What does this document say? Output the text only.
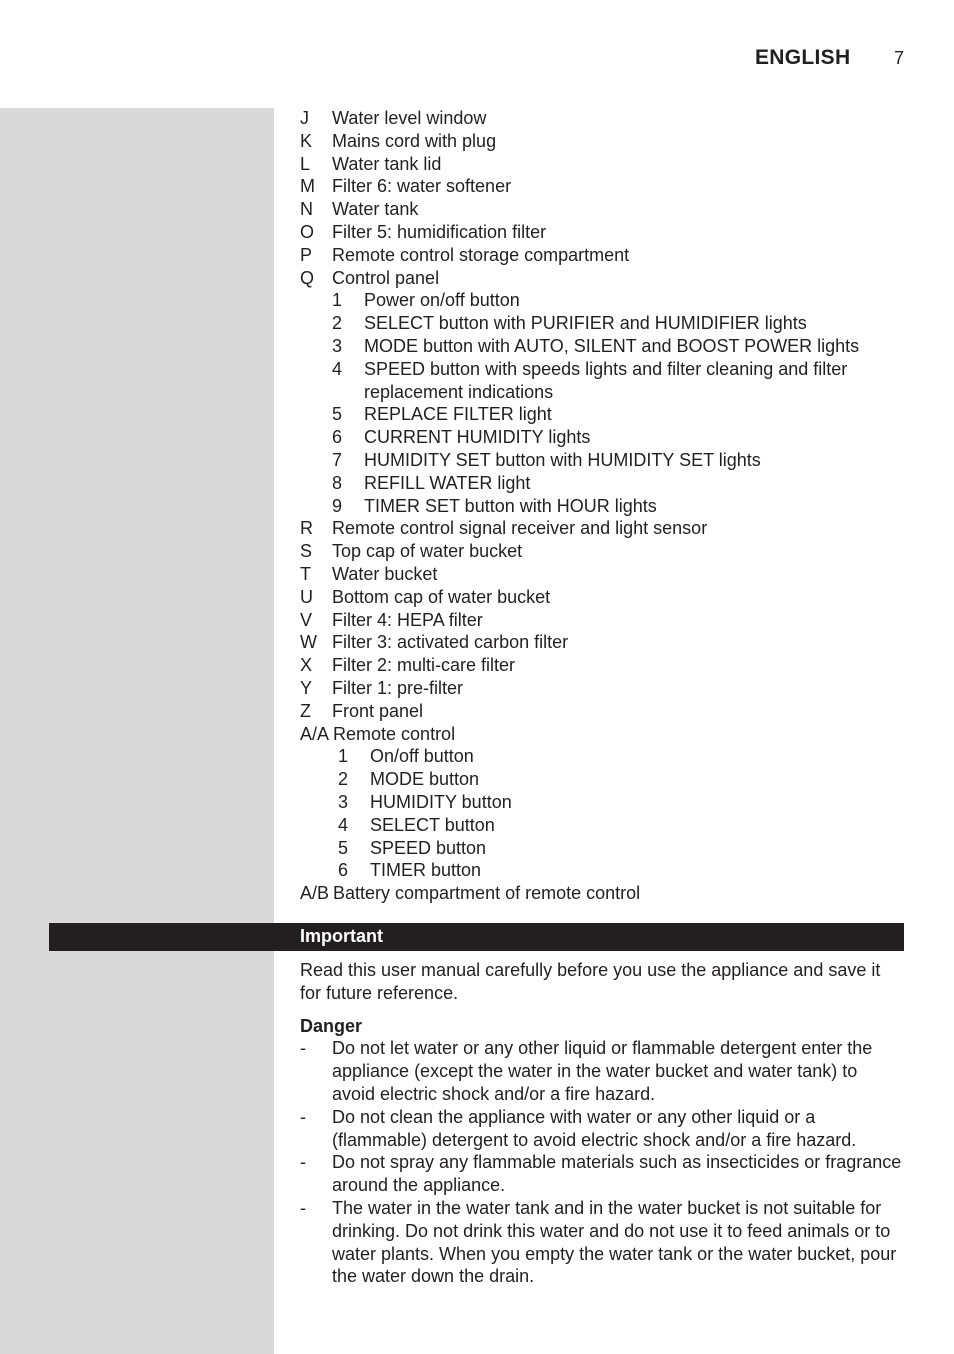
ENGLISH 7
J	Water level window
K	Mains cord with plug
L	Water tank lid
M Filter 6: water softener
N	Water tank
O Filter 5: humidification filter
P	Remote control storage compartment
Q Control panel
1	Power on/off button
2	SELECT button with PURIFIER and HUMIDIFIER lights
3	MODE button with AUTO, SILENT and BOOST POWER lights
4	SPEED button with speeds lights and filter cleaning and filter replacement indications
5	REPLACE FILTER light
6	CURRENT HUMIDITY lights
7	HUMIDITY SET button with HUMIDITY SET lights
8	REFILL WATER light
9	TIMER SET button with HOUR lights
R	Remote control signal receiver and light sensor
S	Top cap of water bucket
T	Water bucket
U	Bottom cap of water bucket
V	Filter 4: HEPA filter
W Filter 3: activated carbon filter
X	Filter 2: multi-care filter
Y	Filter 1: pre-filter
Z	Front panel
A/A Remote control
1	On/off button
2	MODE button
3	HUMIDITY button
4	SELECT button
5	SPEED button
6	TIMER button
A/B Battery compartment of remote control
Important

Read this user manual carefully before you use the appliance and save it for future reference.

Danger

- Do not let water or any other liquid or flammable detergent enter the appliance (except the water in the water bucket and water tank) to avoid electric shock and/or a fire hazard.
- Do not clean the appliance with water or any other liquid or a (flammable) detergent to avoid electric shock and/or a fire hazard.
- Do not spray any flammable materials such as insecticides or fragrance around the appliance.
- The water in the water tank and in the water bucket is not suitable for drinking. Do not drink this water and do not use it to feed animals or to water plants. When you empty the water tank or the water bucket, pour the water down the drain.
